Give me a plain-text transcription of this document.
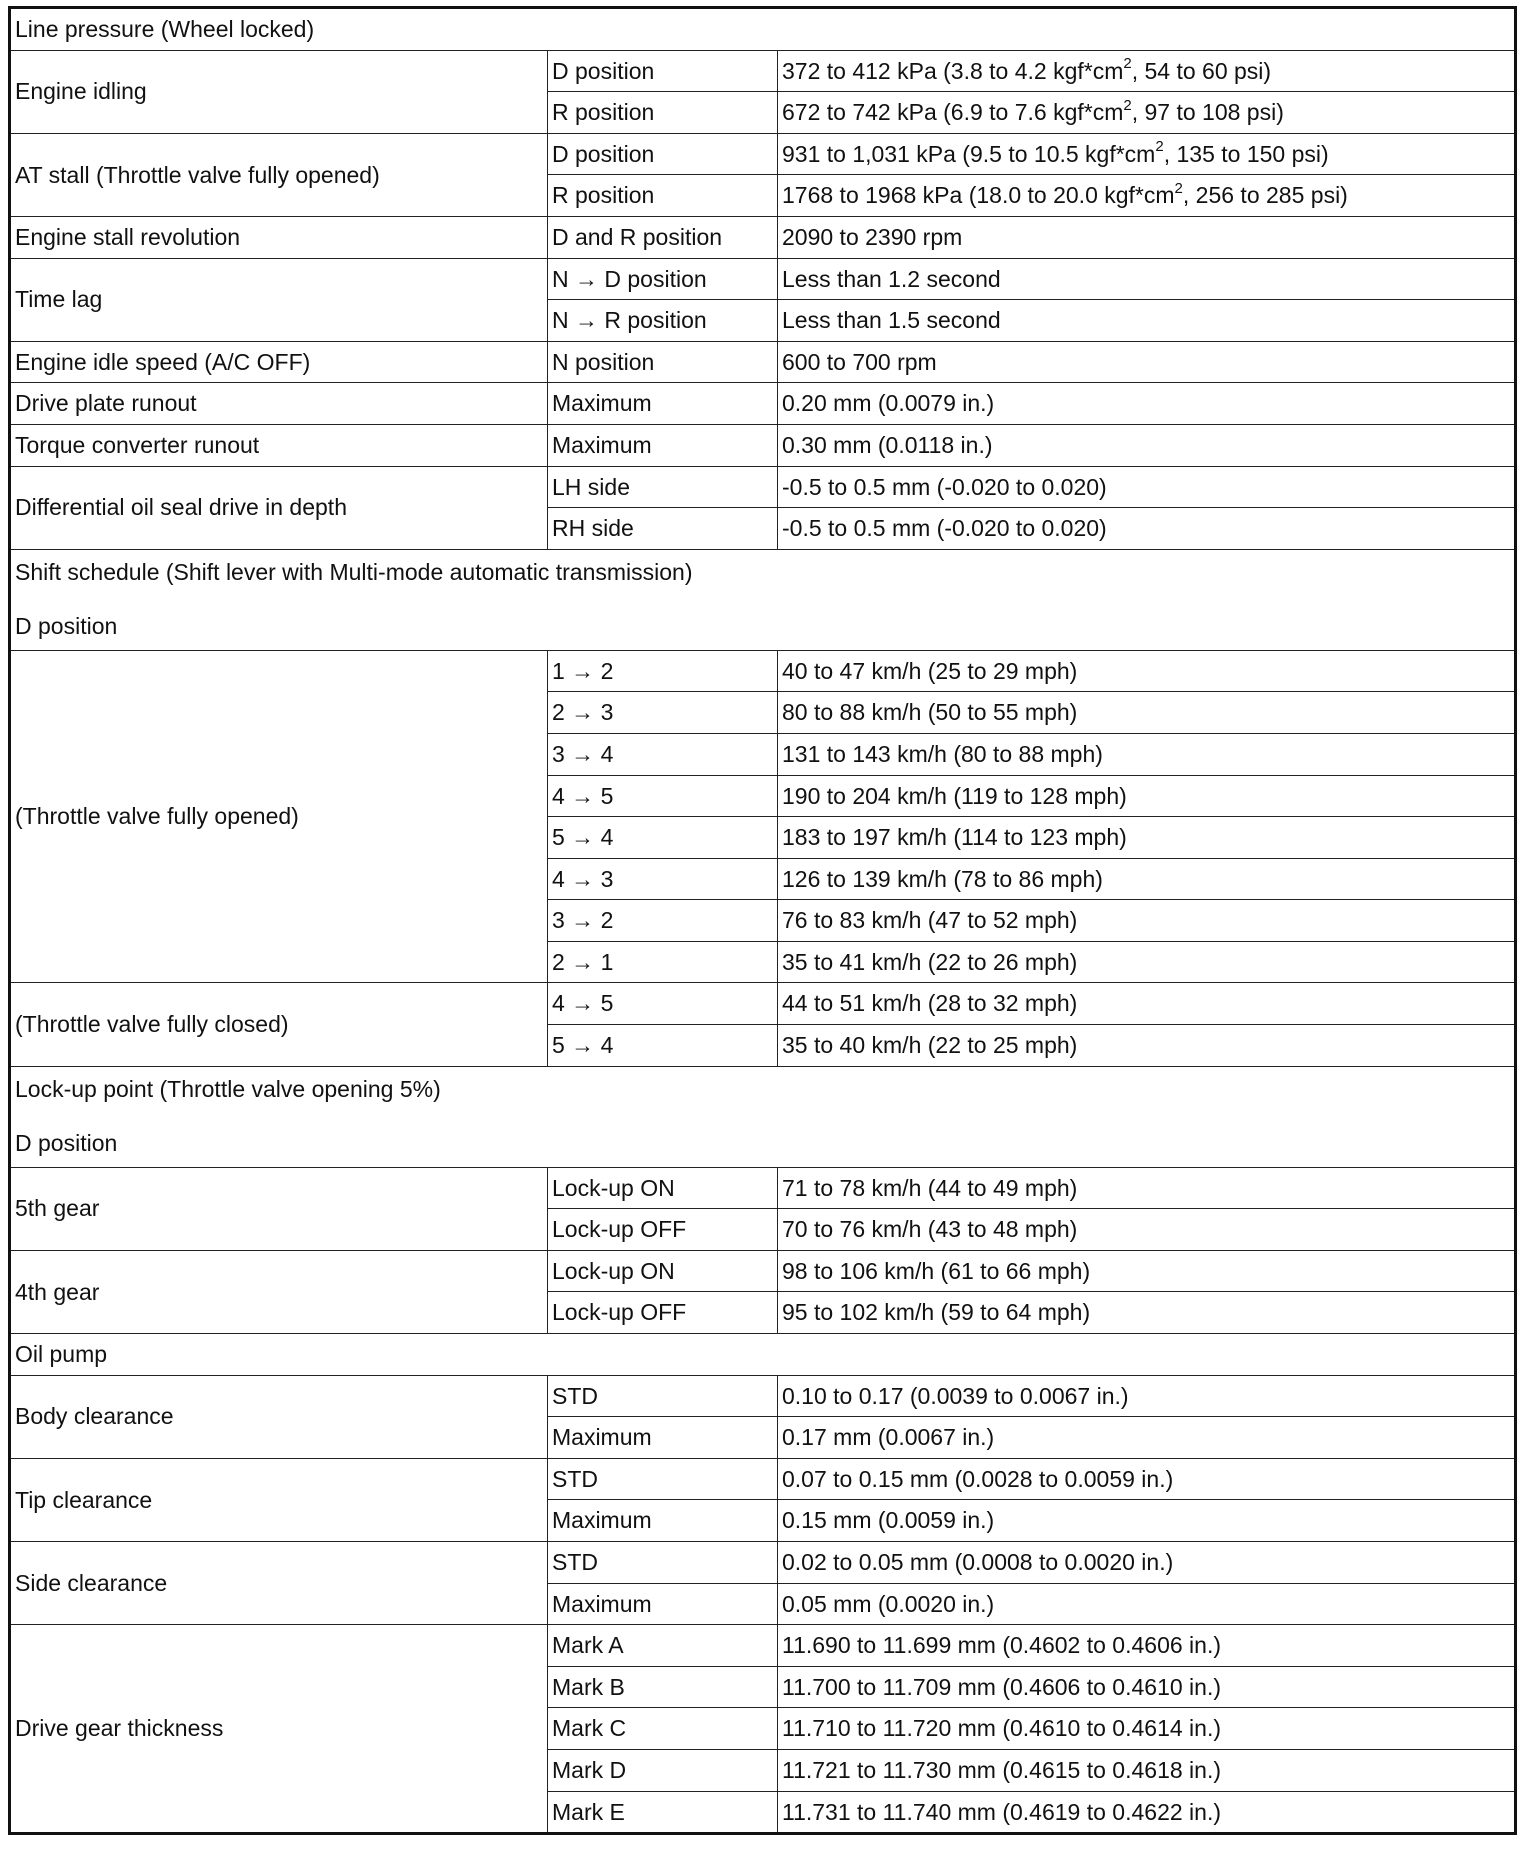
Line pressure (Wheel locked)		
Engine idling	D position	372 to 412 kPa (3.8 to 4.2 $kgf*cm^2$, 54 to 60 psi)
	R position	672 to 742 kPa (6.9 to 7.6 $kgf*cm^2$, 97 to 108 psi)
AT stall (Throttle valve fully opened)	D position	931 to 1,031 kPa (9.5 to 10.5 $kgf*cm^2$, 135 to 150 psi)
	R position	1768 to 1968 kPa (18.0 to 20.0 $kgf*cm^2$, 256 to 285 psi)
Engine stall revolution	D and R position	2090 to 2390 rpm
Time lag	N → D position	Less than 1.2 second
	N → R position	Less than 1.5 second
Engine idle speed (A/C OFF)	N position	600 to 700 rpm
Drive plate runout	Maximum	0.20 mm (0.0079 in.)
Torque converter runout	Maximum	0.30 mm (0.0118 in.)
Differential oil seal drive in depth	LH side	-0.5 to 0.5 mm (-0.020 to 0.020)
	RH side	-0.5 to 0.5 mm (-0.020 to 0.020)

Shift schedule (Shift lever with Multi-mode automatic transmission)
D position		

(Throttle valve fully opened)	1 → 2	40 to 47 km/h (25 to 29 mph)
	2 → 3	80 to 88 km/h (50 to 55 mph)
	3 → 4	131 to 143 km/h (80 to 88 mph)
	4 → 5	190 to 204 km/h (119 to 128 mph)
	5 → 4	183 to 197 km/h (114 to 123 mph)
	4 → 3	126 to 139 km/h (78 to 86 mph)
	3 → 2	76 to 83 km/h (47 to 52 mph)
	2 → 1	35 to 41 km/h (22 to 26 mph)
(Throttle valve fully closed)	4 → 5	44 to 51 km/h (28 to 32 mph)
	5 → 4	35 to 40 km/h (22 to 25 mph)

Lock-up point (Throttle valve opening 5%)
D position		

5th gear	Lock-up ON	71 to 78 km/h (44 to 49 mph)
	Lock-up OFF	70 to 76 km/h (43 to 48 mph)
4th gear	Lock-up ON	98 to 106 km/h (61 to 66 mph)
	Lock-up OFF	95 to 102 km/h (59 to 64 mph)
Oil pump		
Body clearance	STD	0.10 to 0.17 (0.0039 to 0.0067 in.)
	Maximum	0.17 mm (0.0067 in.)
Tip clearance	STD	0.07 to 0.15 mm (0.0028 to 0.0059 in.)
	Maximum	0.15 mm (0.0059 in.)
Side clearance	STD	0.02 to 0.05 mm (0.0008 to 0.0020 in.)
	Maximum	0.05 mm (0.0020 in.)
Drive gear thickness	Mark A	11.690 to 11.699 mm (0.4602 to 0.4606 in.)
	Mark B	11.700 to 11.709 mm (0.4606 to 0.4610 in.)
	Mark C	11.710 to 11.720 mm (0.4610 to 0.4614 in.)
	Mark D	11.721 to 11.730 mm (0.4615 to 0.4618 in.)
	Mark E	11.731 to 11.740 mm (0.4619 to 0.4622 in.)
